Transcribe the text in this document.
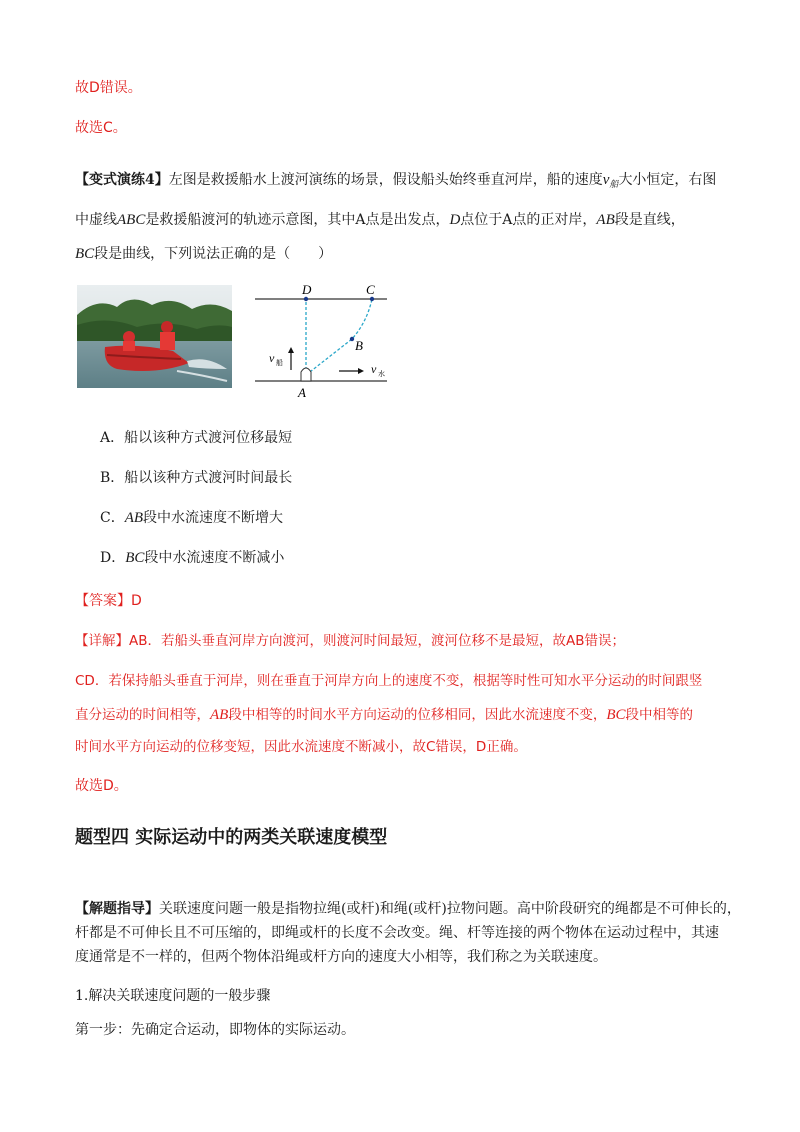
故D错误。
故选C。
【变式演练4】左图是救援船水上渡河演练的场景，假设船头始终垂直河岸，船的速度$v_船$大小恒定，右图
中虚线ABC是救援船渡河的轨迹示意图，其中A点是出发点，D点位于A点的正对岸，AB段是直线，
BC段是曲线，下列说法正确的是（　　）
D	C
B
A
v 船	v 水
A．船以该种方式渡河位移最短
B．船以该种方式渡河时间最长
C．AB段中水流速度不断增大
D．BC段中水流速度不断减小
【答案】D
【详解】AB．若船头垂直河岸方向渡河，则渡河时间最短，渡河位移不是最短，故AB错误；
CD．若保持船头垂直于河岸，则在垂直于河岸方向上的速度不变，根据等时性可知水平分运动的时间跟竖
直分运动的时间相等，AB段中相等的时间水平方向运动的位移相同，因此水流速度不变，BC段中相等的
时间水平方向运动的位移变短，因此水流速度不断减小，故C错误，D正确。
故选D。
题型四 实际运动中的两类关联速度模型
【解题指导】关联速度问题一般是指物拉绳(或杆)和绳(或杆)拉物问题。高中阶段研究的绳都是不可伸长的，
杆都是不可伸长且不可压缩的，即绳或杆的长度不会改变。绳、杆等连接的两个物体在运动过程中，其速
度通常是不一样的，但两个物体沿绳或杆方向的速度大小相等，我们称之为关联速度。
1.解决关联速度问题的一般步骤
第一步：先确定合运动，即物体的实际运动。
